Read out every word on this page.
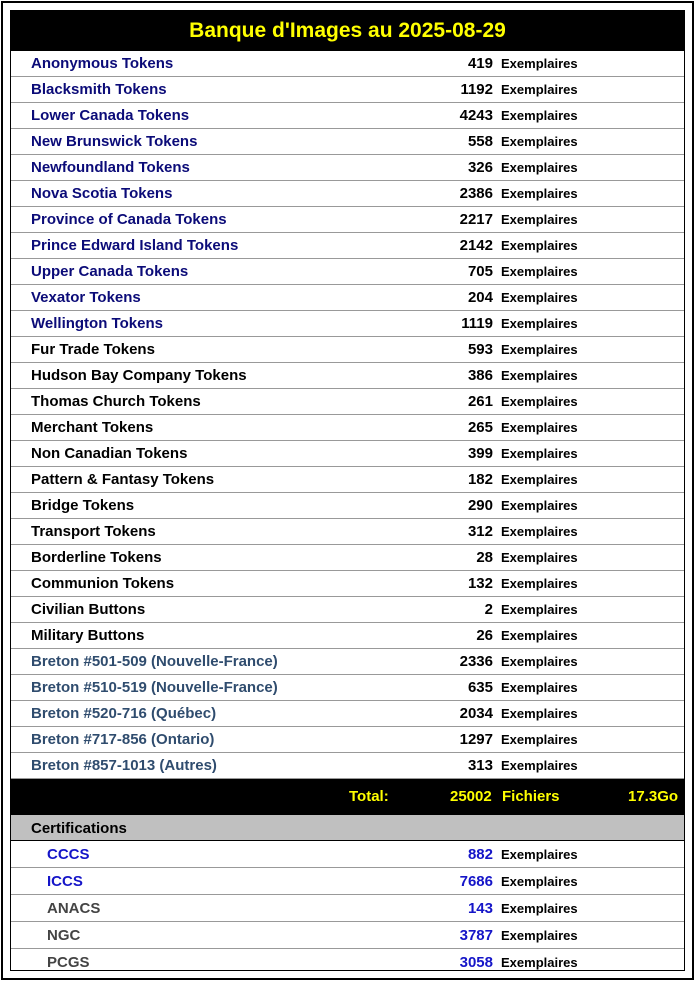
Banque d'Images au 2025-08-29
Anonymous Tokens	419 Exemplaires
Blacksmith Tokens	1192 Exemplaires
Lower Canada Tokens	4243 Exemplaires
New Brunswick Tokens	558 Exemplaires
Newfoundland Tokens	326 Exemplaires
Nova Scotia Tokens	2386 Exemplaires
Province of Canada Tokens	2217 Exemplaires
Prince Edward Island Tokens	2142 Exemplaires
Upper Canada Tokens	705 Exemplaires
Vexator Tokens	204 Exemplaires
Wellington Tokens	1119 Exemplaires
Fur Trade Tokens	593 Exemplaires
Hudson Bay Company Tokens	386 Exemplaires
Thomas Church Tokens	261 Exemplaires
Merchant Tokens	265 Exemplaires
Non Canadian Tokens	399 Exemplaires
Pattern & Fantasy Tokens	182 Exemplaires
Bridge Tokens	290 Exemplaires
Transport Tokens	312 Exemplaires
Borderline Tokens	28 Exemplaires
Communion Tokens	132 Exemplaires
Civilian Buttons	2 Exemplaires
Military Buttons	26 Exemplaires
Breton #501-509 (Nouvelle-France)	2336 Exemplaires
Breton #510-519 (Nouvelle-France)	635 Exemplaires
Breton #520-716 (Québec)	2034 Exemplaires
Breton #717-856 (Ontario)	1297 Exemplaires
Breton #857-1013 (Autres)	313 Exemplaires
Total:	25002 Fichiers	17.3Go
Certifications
CCCS	882 Exemplaires
ICCS	7686 Exemplaires
ANACS	143 Exemplaires
NGC	3787 Exemplaires
PCGS	3058 Exemplaires
